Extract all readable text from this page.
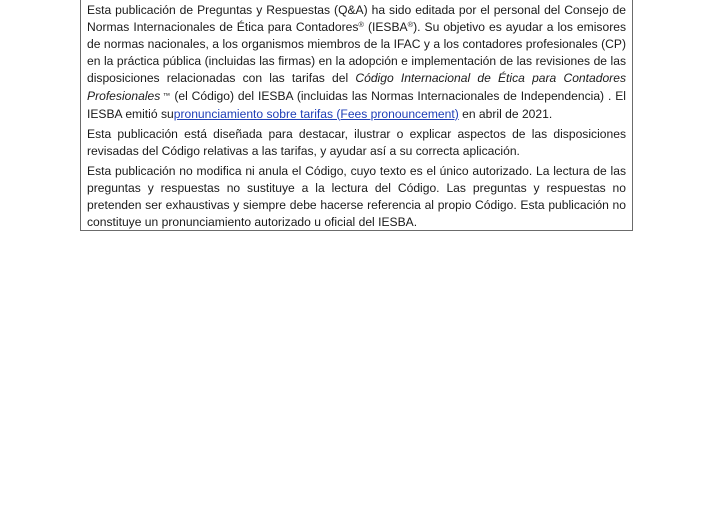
Esta publicación de Preguntas y Respuestas (Q&A) ha sido editada por el personal del Consejo de Normas Internacionales de Ética para Contadores® (IESBA®). Su objetivo es ayudar a los emisores de normas nacionales, a los organismos miembros de la IFAC y a los contadores profesionales (CP) en la práctica pública (incluidas las firmas) en la adopción e implementación de las revisiones de las disposiciones relacionadas con las tarifas del Código Internacional de Ética para Contadores Profesionales ™ (el Código) del IESBA (incluidas las Normas Internacionales de Independencia) . El IESBA emitió supronunciamiento sobre tarifas (Fees pronouncement) en abril de 2021.

Esta publicación está diseñada para destacar, ilustrar o explicar aspectos de las disposiciones revisadas del Código relativas a las tarifas, y ayudar así a su correcta aplicación.

Esta publicación no modifica ni anula el Código, cuyo texto es el único autorizado. La lectura de las preguntas y respuestas no sustituye a la lectura del Código. Las preguntas y respuestas no pretenden ser exhaustivas y siempre debe hacerse referencia al propio Código. Esta publicación no constituye un pronunciamiento autorizado u oficial del IESBA.
